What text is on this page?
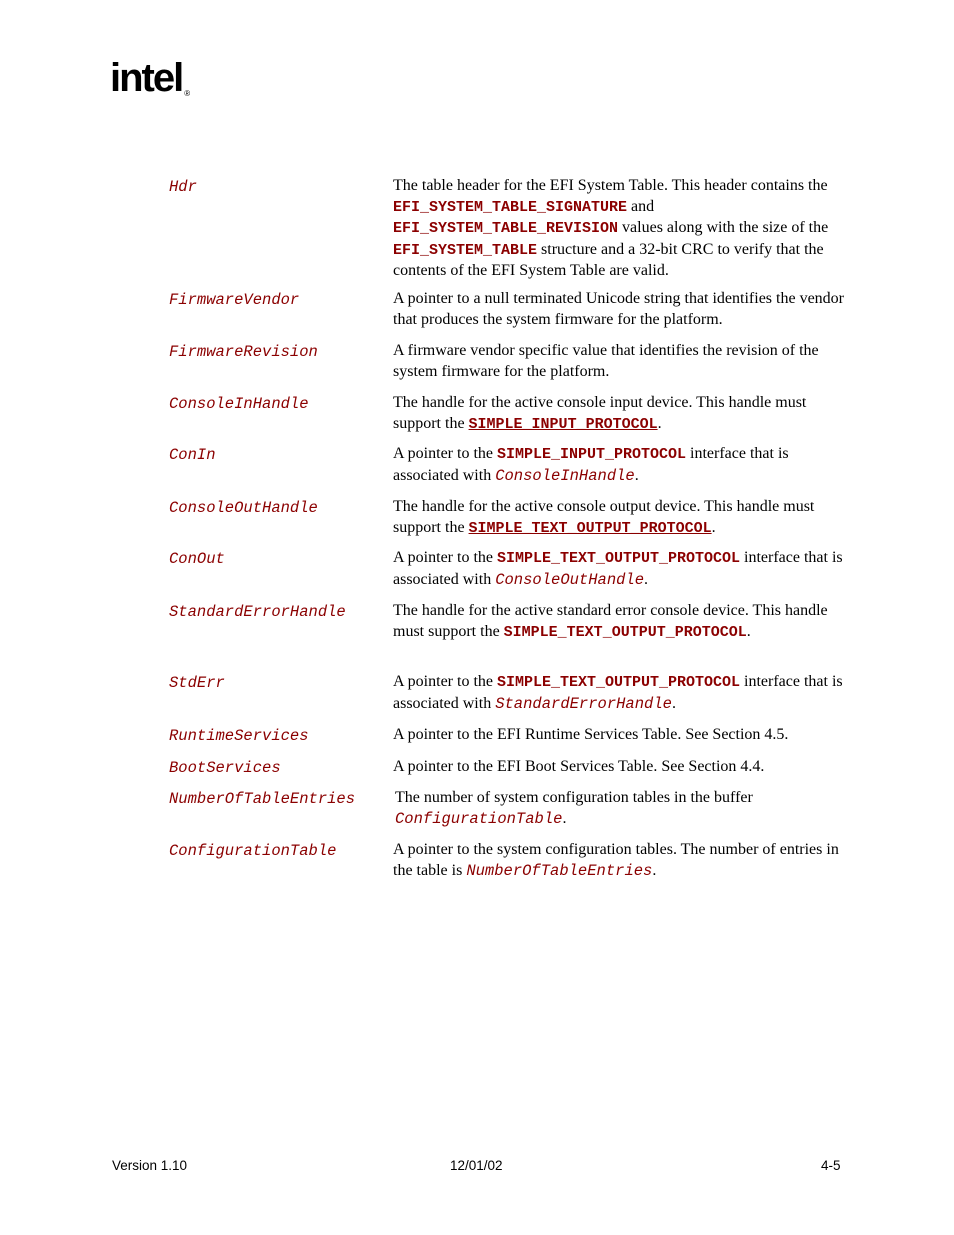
intel ®
Hdr	The table header for the EFI System Table. This header contains the EFI_SYSTEM_TABLE_SIGNATURE and EFI_SYSTEM_TABLE_REVISION values along with the size of the EFI_SYSTEM_TABLE structure and a 32-bit CRC to verify that the contents of the EFI System Table are valid.
FirmwareVendor	A pointer to a null terminated Unicode string that identifies the vendor that produces the system firmware for the platform.
FirmwareRevision	A firmware vendor specific value that identifies the revision of the system firmware for the platform.
ConsoleInHandle	The handle for the active console input device. This handle must support the SIMPLE_INPUT_PROTOCOL.
ConIn	A pointer to the SIMPLE_INPUT_PROTOCOL interface that is associated with ConsoleInHandle.
ConsoleOutHandle	The handle for the active console output device. This handle must support the SIMPLE_TEXT_OUTPUT_PROTOCOL.
ConOut	A pointer to the SIMPLE_TEXT_OUTPUT_PROTOCOL interface that is associated with ConsoleOutHandle.
StandardErrorHandle	The handle for the active standard error console device. This handle must support the SIMPLE_TEXT_OUTPUT_PROTOCOL.
StdErr	A pointer to the SIMPLE_TEXT_OUTPUT_PROTOCOL interface that is associated with StandardErrorHandle.
RuntimeServices	A pointer to the EFI Runtime Services Table. See Section 4.5.
BootServices	A pointer to the EFI Boot Services Table. See Section 4.4.
NumberOfTableEntries The number of system configuration tables in the buffer ConfigurationTable.
ConfigurationTable	A pointer to the system configuration tables. The number of entries in the table is NumberOfTableEntries.
Version 1.10	12/01/02	4-5
